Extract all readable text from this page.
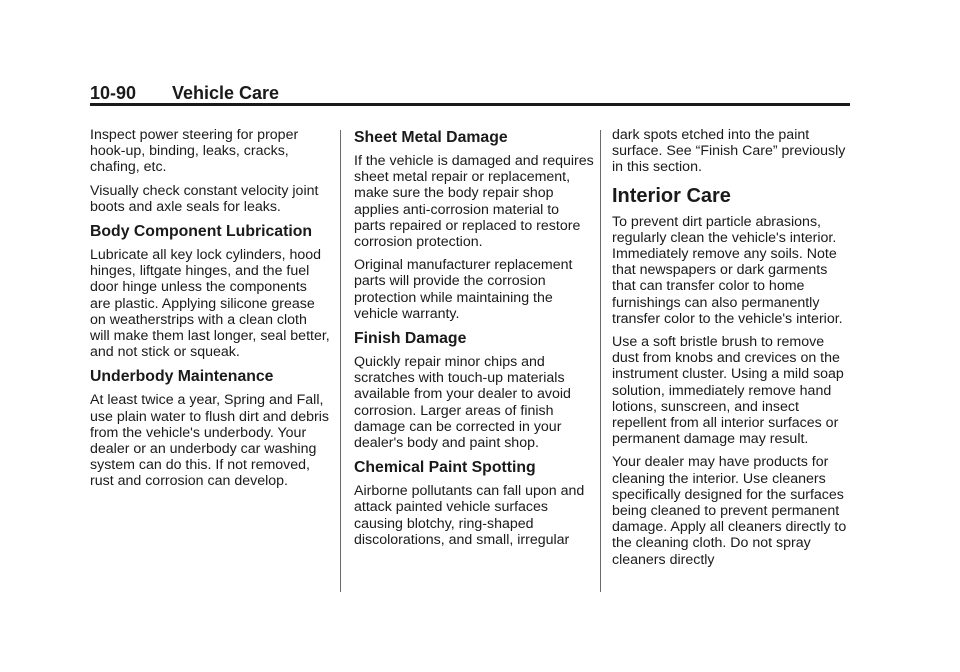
10-90 Vehicle Care

Inspect power steering for proper hook-up, binding, leaks, cracks, chafing, etc.

Visually check constant velocity joint boots and axle seals for leaks.

Body Component Lubrication

Lubricate all key lock cylinders, hood hinges, liftgate hinges, and the fuel door hinge unless the components are plastic. Applying silicone grease on weatherstrips with a clean cloth will make them last longer, seal better, and not stick or squeak.

Underbody Maintenance

At least twice a year, Spring and Fall, use plain water to flush dirt and debris from the vehicle's underbody. Your dealer or an underbody car washing system can do this. If not removed, rust and corrosion can develop.

Sheet Metal Damage

If the vehicle is damaged and requires sheet metal repair or replacement, make sure the body repair shop applies anti-corrosion material to parts repaired or replaced to restore corrosion protection.

Original manufacturer replacement parts will provide the corrosion protection while maintaining the vehicle warranty.

Finish Damage

Quickly repair minor chips and scratches with touch-up materials available from your dealer to avoid corrosion. Larger areas of finish damage can be corrected in your dealer's body and paint shop.

Chemical Paint Spotting

Airborne pollutants can fall upon and attack painted vehicle surfaces causing blotchy, ring-shaped discolorations, and small, irregular

dark spots etched into the paint surface. See “Finish Care” previously in this section.

Interior Care

To prevent dirt particle abrasions, regularly clean the vehicle's interior. Immediately remove any soils. Note that newspapers or dark garments that can transfer color to home furnishings can also permanently transfer color to the vehicle's interior.

Use a soft bristle brush to remove dust from knobs and crevices on the instrument cluster. Using a mild soap solution, immediately remove hand lotions, sunscreen, and insect repellent from all interior surfaces or permanent damage may result.

Your dealer may have products for cleaning the interior. Use cleaners specifically designed for the surfaces being cleaned to prevent permanent damage. Apply all cleaners directly to the cleaning cloth. Do not spray cleaners directly
